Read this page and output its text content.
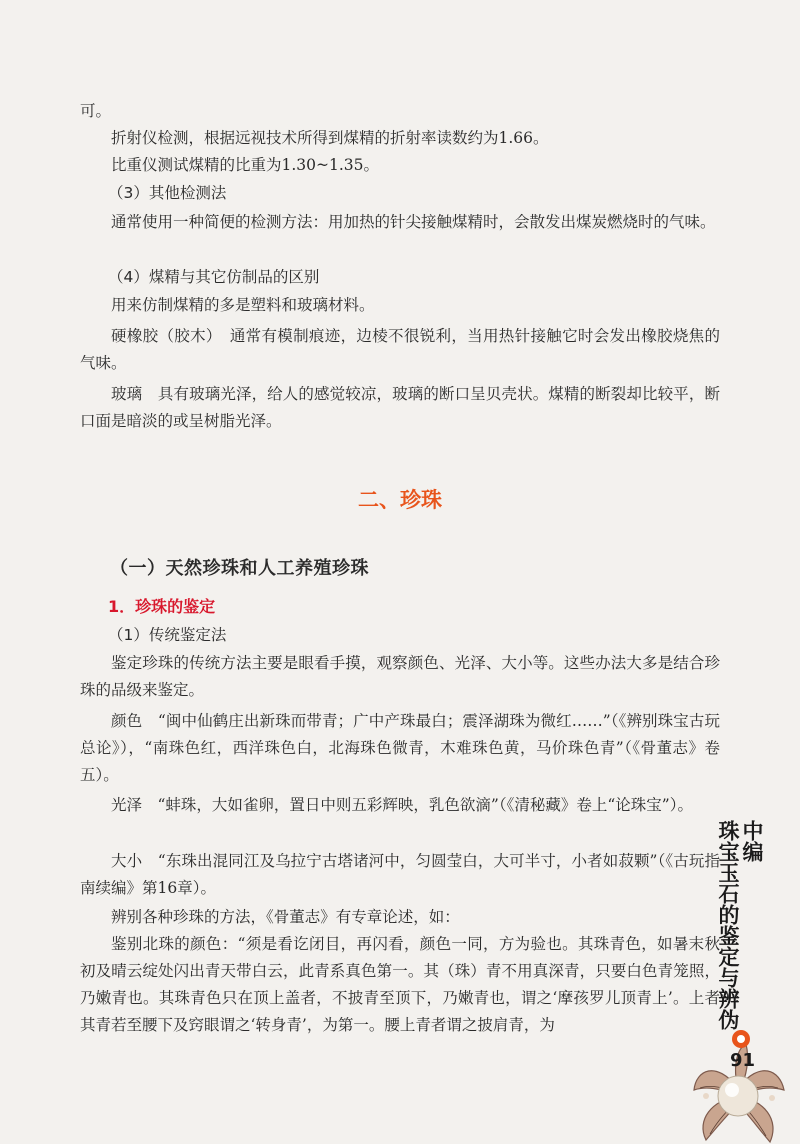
可。

折射仪检测，根据远视技术所得到煤精的折射率读数约为1.66。

比重仪测试煤精的比重为1.30~1.35。

（3）其他检测法

通常使用一种简便的检测方法：用加热的针尖接触煤精时，会散发出煤炭燃烧时的气味。

（4）煤精与其它仿制品的区别

用来仿制煤精的多是塑料和玻璃材料。

硬橡胶（胶木）　通常有模制痕迹，边棱不很锐利，当用热针接触它时会发出橡胶烧焦的气味。

玻璃　具有玻璃光泽，给人的感觉较凉，玻璃的断口呈贝壳状。煤精的断裂却比较平，断口面是暗淡的或呈树脂光泽。

二、珍珠
（一）天然珍珠和人工养殖珍珠
1．珍珠的鉴定

（1）传统鉴定法

鉴定珍珠的传统方法主要是眼看手摸，观察颜色、光泽、大小等。这些办法大多是结合珍珠的品级来鉴定。

颜色　“闽中仙鹤庄出新珠而带青；广中产珠最白；震泽湖珠为微红……”（《辨别珠宝古玩总论》），“南珠色红，西洋珠色白，北海珠色微青，木难珠色黄，马价珠色青”（《骨董志》卷五）。

光泽　“蚌珠，大如雀卵，置日中则五彩辉映，乳色欲滴”（《清秘藏》卷上“论珠宝”）。

大小　“东珠出混同江及乌拉宁古塔诸河中，匀圆莹白，大可半寸，小者如菽颗”（《古玩指南续编》第16章）。

辨别各种珍珠的方法，《骨董志》有专章论述，如：

鉴别北珠的颜色：“须是看讫闭目，再闪看，颜色一同，方为验也。其珠青色，如暑末秋初及晴云绽处闪出青天带白云，此青系真色第一。其（珠）青不用真深青，只要白色青笼照，乃嫩青也。其珠青色只在顶上盖者，不披青至顶下，乃嫩青也，谓之‘摩孩罗儿顶青上’。上者其青若至腰下及窍眼谓之‘转身青’，为第一。腰上青者谓之披肩青，为

中编
珠宝玉石的鉴定与辨伪
91
